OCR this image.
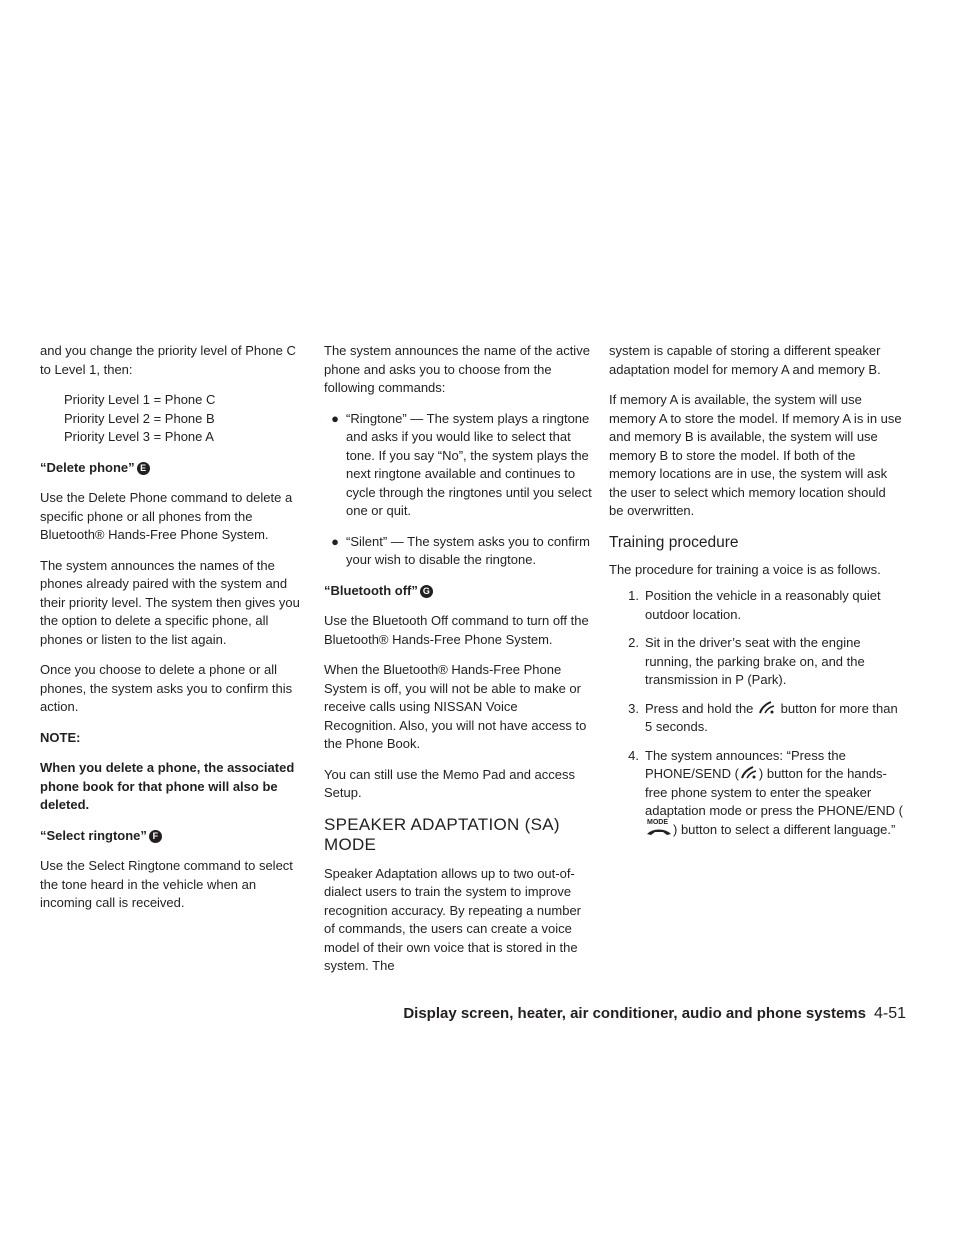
and you change the priority level of Phone C to Level 1, then:

Priority Level 1 = Phone C
Priority Level 2 = Phone B
Priority Level 3 = Phone A
“Delete phone” E

Use the Delete Phone command to delete a specific phone or all phones from the Bluetooth® Hands-Free Phone System.

The system announces the names of the phones already paired with the system and their priority level. The system then gives you the option to delete a specific phone, all phones or listen to the list again.

Once you choose to delete a phone or all phones, the system asks you to confirm this action.

NOTE:
When you delete a phone, the associated phone book for that phone will also be deleted.
“Select ringtone” F

Use the Select Ringtone command to select the tone heard in the vehicle when an incoming call is received.

The system announces the name of the active phone and asks you to choose from the following commands:

● “Ringtone” — The system plays a ringtone and asks if you would like to select that tone. If you say “No”, the system plays the next ringtone available and continues to cycle through the ringtones until you select one or quit.
● “Silent” — The system asks you to confirm your wish to disable the ringtone.
“Bluetooth off” G

Use the Bluetooth Off command to turn off the Bluetooth® Hands-Free Phone System.

When the Bluetooth® Hands-Free Phone System is off, you will not be able to make or receive calls using NISSAN Voice Recognition. Also, you will not have access to the Phone Book.

You can still use the Memo Pad and access Setup.

SPEAKER ADAPTATION (SA) MODE

Speaker Adaptation allows up to two out-of-dialect users to train the system to improve recognition accuracy. By repeating a number of commands, the users can create a voice model of their own voice that is stored in the system. The

system is capable of storing a different speaker adaptation model for memory A and memory B.

If memory A is available, the system will use memory A to store the model. If memory A is in use and memory B is available, the system will use memory B to store the model. If both of the memory locations are in use, the system will ask the user to select which memory location should be overwritten.

Training procedure

The procedure for training a voice is as follows.

1. Position the vehicle in a reasonably quiet outdoor location.
2. Sit in the driver’s seat with the engine running, the parking brake on, and the transmission in P (Park).
3. Press and hold the button for more than 5 seconds.
4. The system announces: “Press the PHONE/SEND ( ) button for the hands-free phone system to enter the speaker adaptation mode or press the PHONE/END (
MODE ) button to select a different language.”
Display screen, heater, air conditioner, audio and phone systems 4-51
